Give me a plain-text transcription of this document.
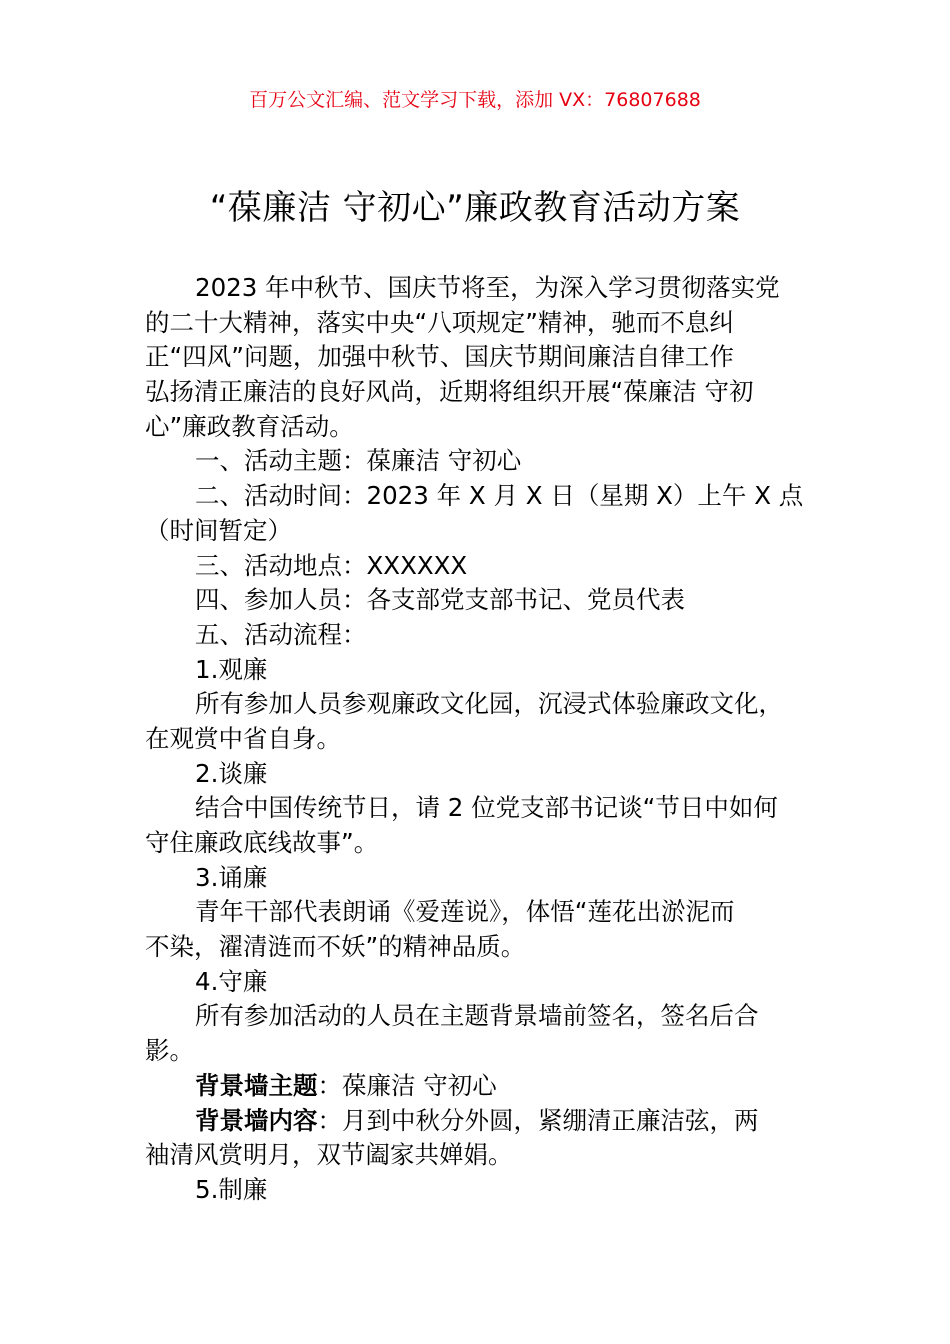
百万公文汇编、范文学习下载，添加 VX：76807688
“葆廉洁 守初心”廉政教育活动方案
2023 年中秋节、国庆节将至，为深入学习贯彻落实党
的二十大精神，落实中央“八项规定”精神，驰而不息纠
正“四风”问题，加强中秋节、国庆节期间廉洁自律工作
弘扬清正廉洁的良好风尚，近期将组织开展“葆廉洁 守初
心”廉政教育活动。
一、活动主题：葆廉洁 守初心
二、活动时间：2023 年 X 月 X 日（星期 X）上午 X 点
（时间暂定）
三、活动地点：XXXXXX
四、参加人员：各支部党支部书记、党员代表
五、活动流程：
1.观廉
所有参加人员参观廉政文化园，沉浸式体验廉政文化，
在观赏中省自身。
2.谈廉
结合中国传统节日，请 2 位党支部书记谈“节日中如何
守住廉政底线故事”。
3.诵廉
青年干部代表朗诵《爱莲说》，体悟“莲花出淤泥而
不染，濯清涟而不妖”的精神品质。
4.守廉
所有参加活动的人员在主题背景墙前签名，签名后合
影。
背景墙主题：葆廉洁 守初心
背景墙内容：月到中秋分外圆，紧绷清正廉洁弦，两
袖清风赏明月，双节阖家共婵娟。
5.制廉
